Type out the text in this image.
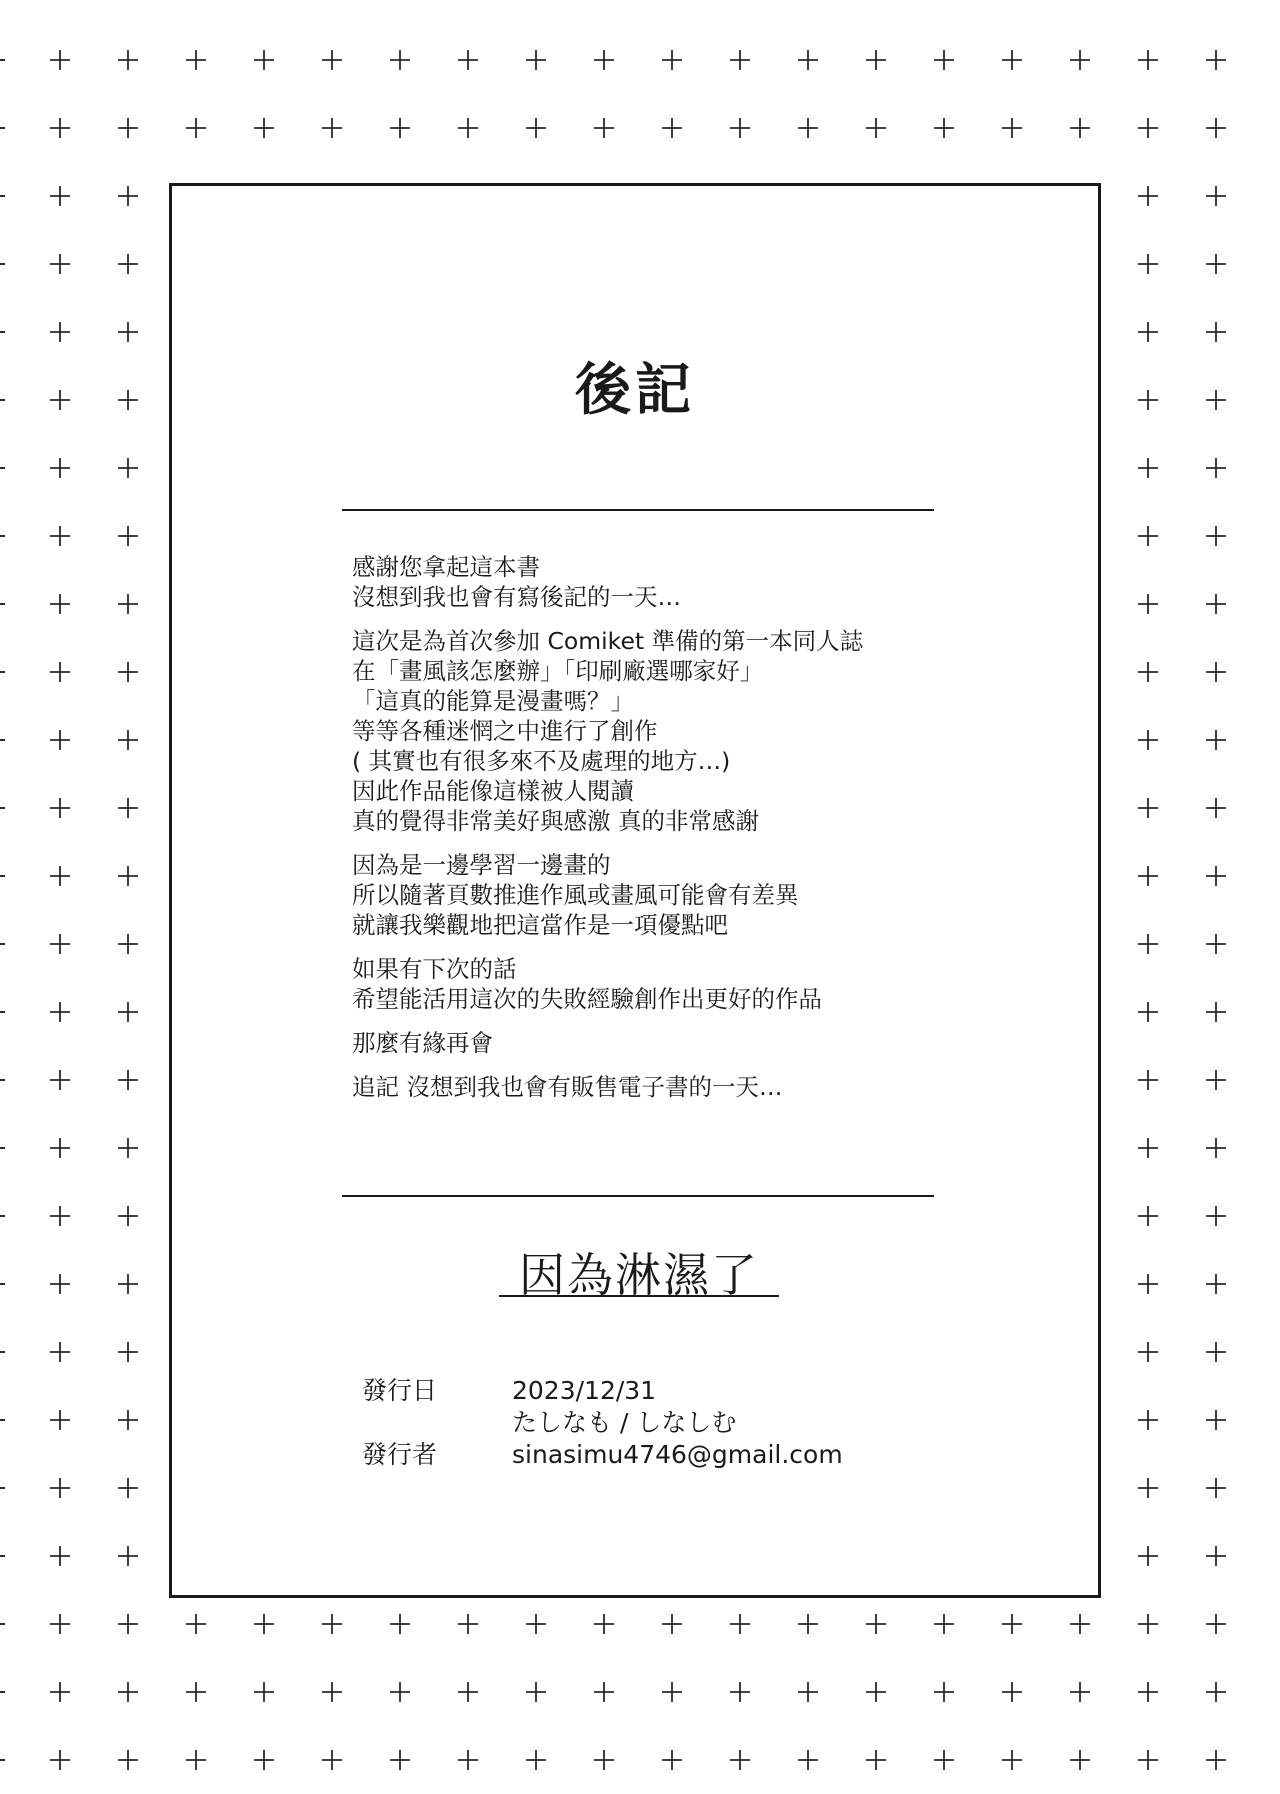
後記
感謝您拿起這本書
沒想到我也會有寫後記的一天…
這次是為首次參加 Comiket 準備的第一本同人誌
在「畫風該怎麼辦」「印刷廠選哪家好」
「這真的能算是漫畫嗎？」
等等各種迷惘之中進行了創作
( 其實也有很多來不及處理的地方…)
因此作品能像這樣被人閱讀
真的覺得非常美好與感激 真的非常感謝
因為是一邊學習一邊畫的
所以隨著頁數推進作風或畫風可能會有差異
就讓我樂觀地把這當作是一項優點吧
如果有下次的話
希望能活用這次的失敗經驗創作出更好的作品
那麼有緣再會
追記 沒想到我也會有販售電子書的一天…
因為淋濕了
發行日	2023/12/31
たしなも / しなしむ
發行者	sinasimu4746@gmail.com
